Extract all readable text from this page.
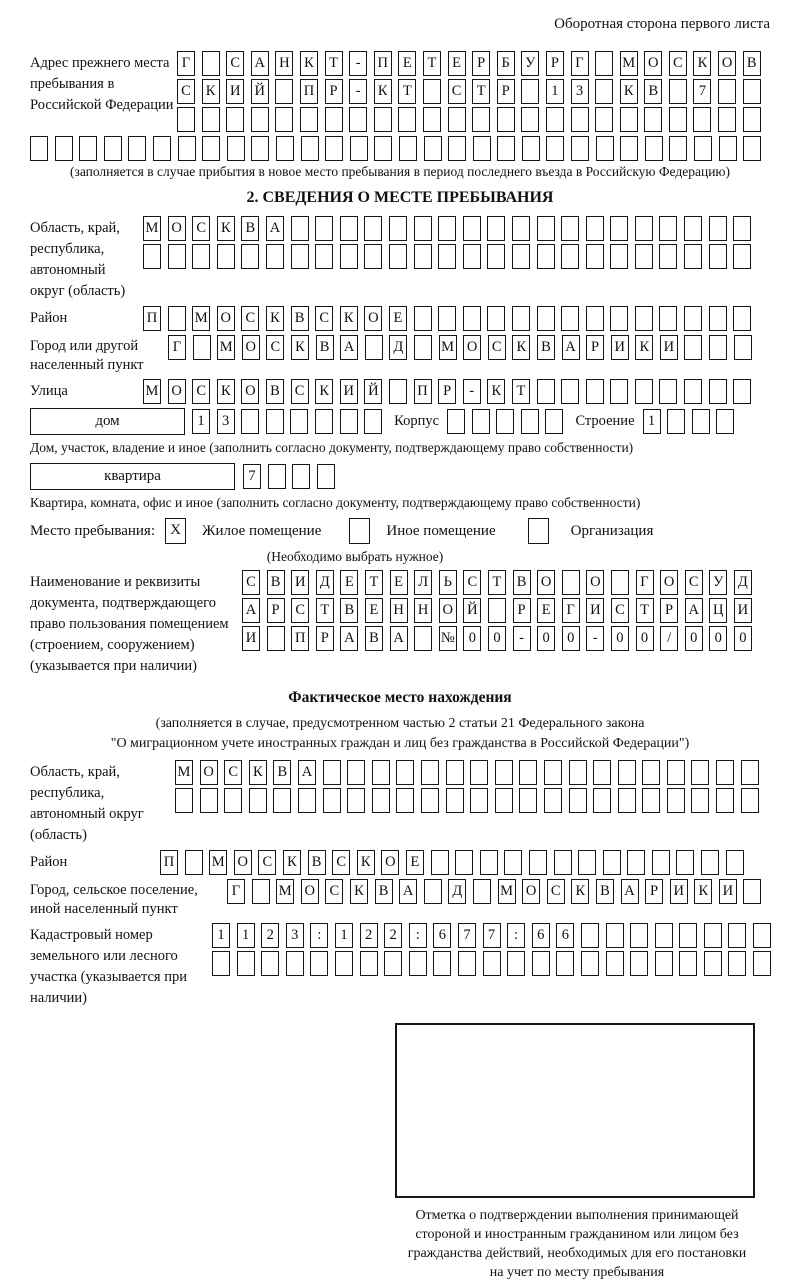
Оборотная сторона первого листа
Адрес прежнего места пребывания в Российской Федерации
Г	С А Н К	Т	-	П	Е	Т	Е	Р	Б	У	Р	Г	М О С К О В
С К И Й	П	Р	-	К	Т	С	Т	Р	1	3	К В	7
(заполняется в случае прибытия в новое место пребывания в период последнего въезда в Российскую Федерацию)
2. СВЕДЕНИЯ О МЕСТЕ ПРЕБЫВАНИЯ
Область, край, республика, автономный округ (область)
М О С К В А
Район	П	М О С К В С К О	Е
Город или другой населенный пункт
Г	М О С К В А	Д	М О С К В А	Р	И К И
Улица	М О С К О В С К И Й	П	Р	-	К	Т
дом	1	3	Корпус	Строение 1
Дом, участок, владение и иное (заполнить согласно документу, подтверждающему право собственности)
квартира	7
Квартира, комната, офис и иное (заполнить согласно документу, подтверждающему право собственности)
Место пребывания:	X	Жилое помещение	Иное помещение	Организация
(Необходимо выбрать нужное)
Наименование и реквизиты документа, подтверждающего право пользования помещением (строением, сооружением) (указывается при наличии)
С В И Д	Е	Т	Е	Л	Ь	С	Т	В О	О	Г	О С У Д
А	Р	С	Т	В	Е	Н Н О Й	Р	Е	Г	И С	Т	Р	А Ц И
И	П	Р	А В А	№ 0	0	-	0	0	-	0	0	/	0	0	0
Фактическое место нахождения
(заполняется в случае, предусмотренном частью 2 статьи 21 Федерального закона
"О миграционном учете иностранных граждан и лиц без гражданства в Российской Федерации")
Область, край, республика, автономный округ (область)
М О С К В А
Район	П	М О С К В С К О	Е
Город, сельское поселение, иной населенный пункт
Г	М О С К В А	Д	М О С К В А	Р	И К И
Кадастровый номер земельного или лесного участка (указывается при наличии)
1	1	2	3	:	1	2	2	:	6	7	7	:	6	6
Отметка о подтверждении выполнения принимающей
стороной и иностранным гражданином или лицом без
гражданства действий, необходимых для его постановки
на учет по месту пребывания
